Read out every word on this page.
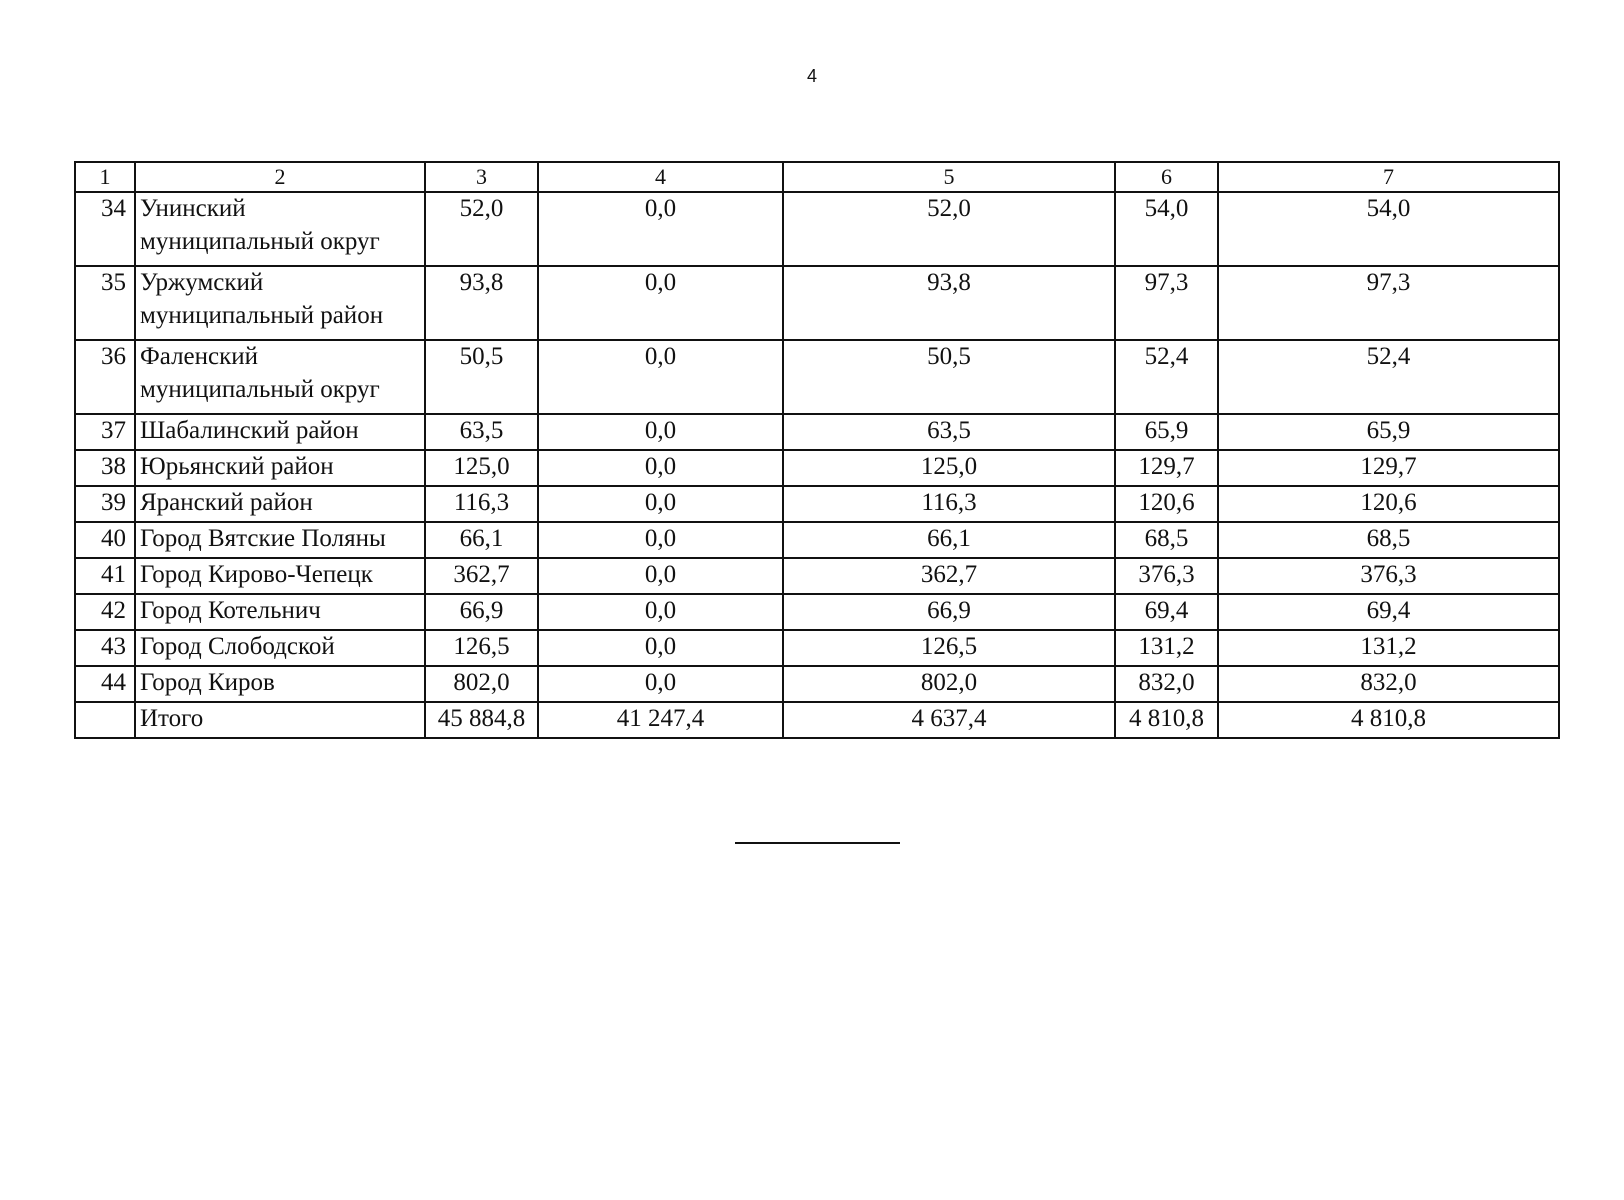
4
1	2	3	4	5	6	7
34	Унинский муниципальный округ	52,0	0,0	52,0	54,0	54,0
35	Уржумский муниципальный район	93,8	0,0	93,8	97,3	97,3
36	Фаленский муниципальный округ	50,5	0,0	50,5	52,4	52,4
37	Шабалинский район	63,5	0,0	63,5	65,9	65,9
38	Юрьянский район	125,0	0,0	125,0	129,7	129,7
39	Яранский район	116,3	0,0	116,3	120,6	120,6
40	Город Вятские Поляны	66,1	0,0	66,1	68,5	68,5
41	Город Кирово-Чепецк	362,7	0,0	362,7	376,3	376,3
42	Город Котельнич	66,9	0,0	66,9	69,4	69,4
43	Город Слободской	126,5	0,0	126,5	131,2	131,2
44	Город Киров	802,0	0,0	802,0	832,0	832,0
	Итого	45 884,8	41 247,4	4 637,4	4 810,8	4 810,8
